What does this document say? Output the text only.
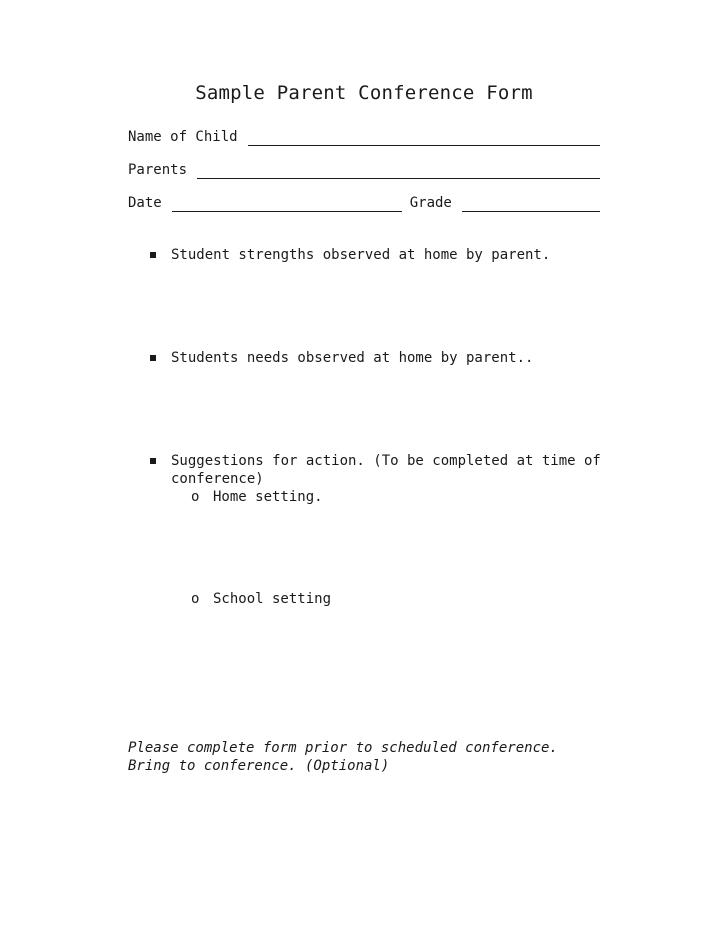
Sample Parent Conference Form
Name of Child
Parents
Date	Grade
Student strengths observed at home by parent.
Students needs observed at home by parent..
Suggestions for action. (To be completed at time of conference)
o Home setting.
o School setting
Please complete form prior to scheduled conference. Bring to conference. (Optional)
